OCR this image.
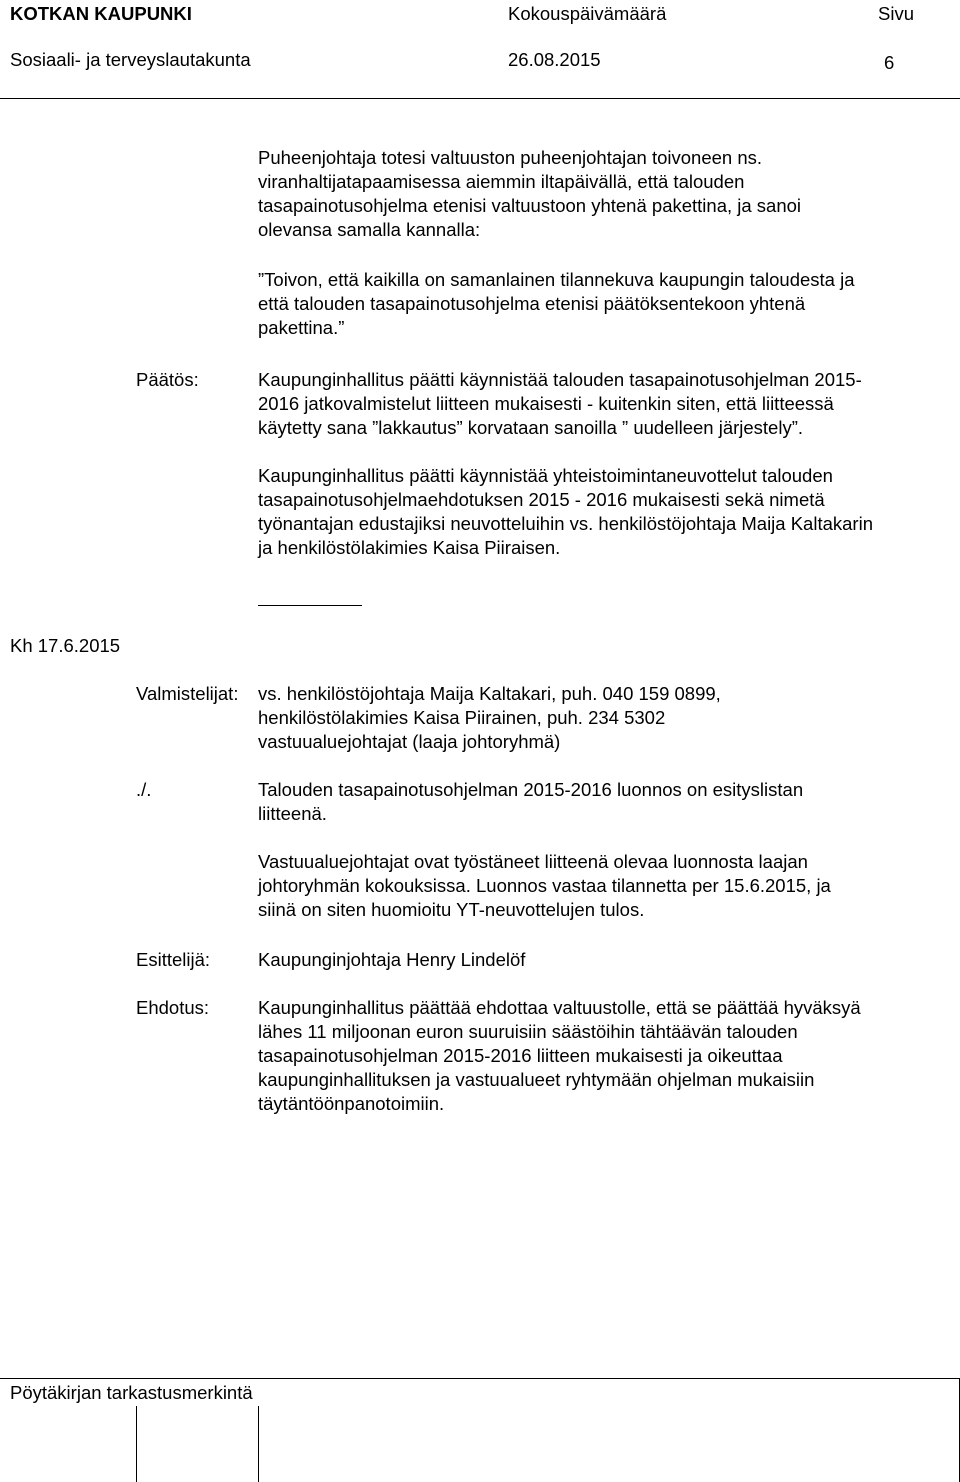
KOTKAN KAUPUNKI	Kokouspäivämäärä	Sivu
Sosiaali- ja terveyslautakunta	26.08.2015	6
Puheenjohtaja totesi valtuuston puheenjohtajan toivoneen ns.
viranhaltijatapaamisessa aiemmin iltapäivällä, että talouden
tasapainotusohjelma etenisi valtuustoon yhtenä pakettina, ja sanoi
olevansa samalla kannalla:
”Toivon, että kaikilla on samanlainen tilannekuva kaupungin taloudesta ja
että talouden tasapainotusohjelma etenisi päätöksentekoon yhtenä
pakettina.”
Päätös:	Kaupunginhallitus päätti käynnistää talouden tasapainotusohjelman 2015-
2016 jatkovalmistelut liitteen mukaisesti - kuitenkin siten, että liitteessä
käytetty sana ”lakkautus” korvataan sanoilla ” uudelleen järjestely”.
Kaupunginhallitus päätti käynnistää yhteistoimintaneuvottelut talouden
tasapainotusohjelmaehdotuksen 2015 - 2016 mukaisesti sekä nimetä
työnantajan edustajiksi neuvotteluihin vs. henkilöstöjohtaja Maija Kaltakarin
ja henkilöstölakimies Kaisa Piiraisen.
Kh 17.6.2015
Valmistelijat: vs. henkilöstöjohtaja Maija Kaltakari, puh. 040 159 0899,
henkilöstölakimies Kaisa Piirainen, puh. 234 5302
vastuualuejohtajat (laaja johtoryhmä)
./.	Talouden tasapainotusohjelman 2015-2016 luonnos on esityslistan
liitteenä.
Vastuualuejohtajat ovat työstäneet liitteenä olevaa luonnosta laajan
johtoryhmän kokouksissa. Luonnos vastaa tilannetta per 15.6.2015, ja
siinä on siten huomioitu YT-neuvottelujen tulos.
Esittelijä:	Kaupunginjohtaja Henry Lindelöf
Ehdotus:	Kaupunginhallitus päättää ehdottaa valtuustolle, että se päättää hyväksyä
lähes 11 miljoonan euron suuruisiin säästöihin tähtäävän talouden
tasapainotusohjelman 2015-2016 liitteen mukaisesti ja oikeuttaa
kaupunginhallituksen ja vastuualueet ryhtymään ohjelman mukaisiin
täytäntöönpanotoimiin.
Pöytäkirjan tarkastusmerkintä
